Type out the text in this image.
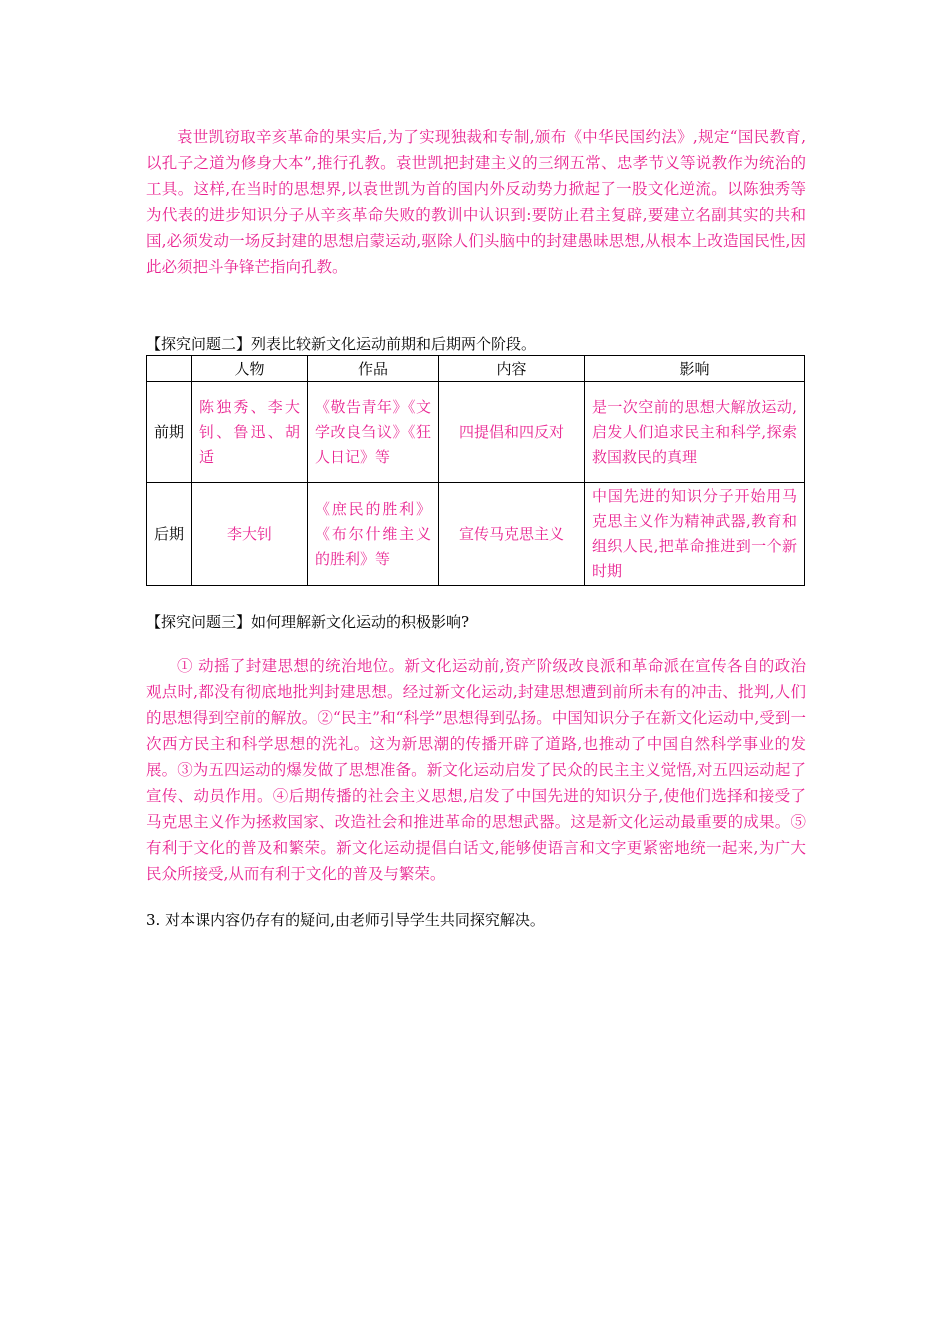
袁世凯窃取辛亥革命的果实后,为了实现独裁和专制,颁布《中华民国约法》,规定“国民教育,以孔子之道为修身大本”,推行孔教。袁世凯把封建主义的三纲五常、忠孝节义等说教作为统治的工具。这样,在当时的思想界,以袁世凯为首的国内外反动势力掀起了一股文化逆流。以陈独秀等为代表的进步知识分子从辛亥革命失败的教训中认识到:要防止君主复辟,要建立名副其实的共和国,必须发动一场反封建的思想启蒙运动,驱除人们头脑中的封建愚昧思想,从根本上改造国民性,因此必须把斗争锋芒指向孔教。

【探究问题二】列表比较新文化运动前期和后期两个阶段。

	人物	作品	内容	影响
前期	陈独秀、李大钊、鲁迅、胡适	《敬告青年》《文学改良刍议》《狂人日记》等	四提倡和四反对	是一次空前的思想大解放运动,启发人们追求民主和科学,探索救国救民的真理
后期	李大钊	《庶民的胜利》《布尔什维主义的胜利》等	宣传马克思主义	中国先进的知识分子开始用马克思主义作为精神武器,教育和组织人民,把革命推进到一个新时期

【探究问题三】如何理解新文化运动的积极影响?

① 动摇了封建思想的统治地位。新文化运动前,资产阶级改良派和革命派在宣传各自的政治观点时,都没有彻底地批判封建思想。经过新文化运动,封建思想遭到前所未有的冲击、批判,人们的思想得到空前的解放。②“民主”和“科学”思想得到弘扬。中国知识分子在新文化运动中,受到一次西方民主和科学思想的洗礼。这为新思潮的传播开辟了道路,也推动了中国自然科学事业的发展。③为五四运动的爆发做了思想准备。新文化运动启发了民众的民主主义觉悟,对五四运动起了宣传、动员作用。④后期传播的社会主义思想,启发了中国先进的知识分子,使他们选择和接受了马克思主义作为拯救国家、改造社会和推进革命的思想武器。这是新文化运动最重要的成果。⑤有利于文化的普及和繁荣。新文化运动提倡白话文,能够使语言和文字更紧密地统一起来,为广大民众所接受,从而有利于文化的普及与繁荣。

3. 对本课内容仍存有的疑问,由老师引导学生共同探究解决。
